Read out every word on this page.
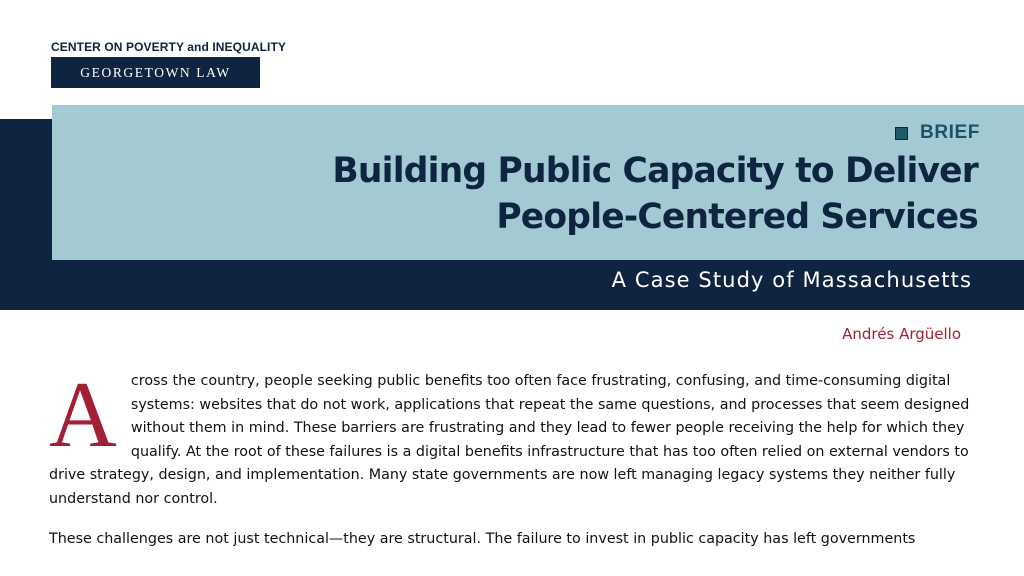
CENTER ON POVERTY and INEQUALITY
GEORGETOWN LAW
BRIEF
Building Public Capacity to Deliver People-Centered Services
A Case Study of Massachusetts
Andrés Argüello

Across the country, people seeking public benefits too often face frustrating, confusing, and time-consuming digital systems: websites that do not work, applications that repeat the same questions, and processes that seem designed without them in mind. These barriers are frustrating and they lead to fewer people receiving the help for which they qualify. At the root of these failures is a digital benefits infrastructure that has too often relied on external vendors to drive strategy, design, and implementation. Many state governments are now left managing legacy systems they neither fully understand nor control.

These challenges are not just technical—they are structural. The failure to invest in public capacity has left governments
